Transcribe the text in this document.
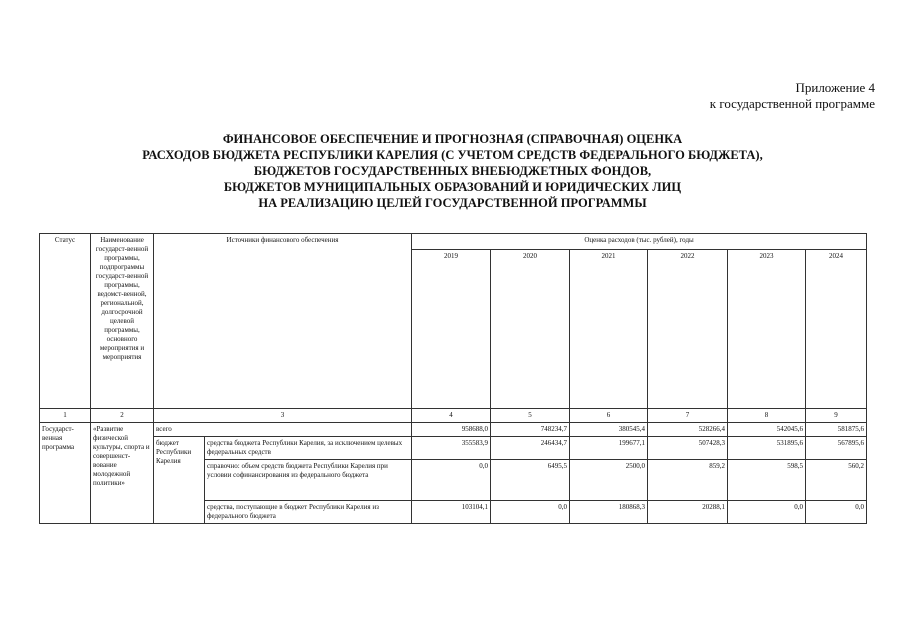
Приложение 4
к государственной программе
ФИНАНСОВОЕ ОБЕСПЕЧЕНИЕ И ПРОГНОЗНАЯ (СПРАВОЧНАЯ) ОЦЕНКА
РАСХОДОВ БЮДЖЕТА РЕСПУБЛИКИ КАРЕЛИЯ (С УЧЕТОМ СРЕДСТВ ФЕДЕРАЛЬНОГО БЮДЖЕТА),
БЮДЖЕТОВ ГОСУДАРСТВЕННЫХ ВНЕБЮДЖЕТНЫХ ФОНДОВ,
БЮДЖЕТОВ МУНИЦИПАЛЬНЫХ ОБРАЗОВАНИЙ И ЮРИДИЧЕСКИХ ЛИЦ
НА РЕАЛИЗАЦИЮ ЦЕЛЕЙ ГОСУДАРСТВЕННОЙ ПРОГРАММЫ
Статус	Наименование государст-венной программы, подпрограммы государст-венной программы, ведомст-венной, региональной, долгосрочной целевой программы, основного мероприятия и мероприятия	Источники финансового обеспечения		Оценка расходов (тыс. рублей), годы					
				2019	2020	2021	2022	2023	2024
1	2	3		4	5	6	7	8	9
Государст-венная программа	«Развитие физической культуры, спорта и совершенст-вование молодежной политики»	всего		958688,0	748234,7	380545,4	528266,4	542045,6	581875,6
		бюджет Республики Карелия	средства бюджета Республики Карелия, за исключением целевых федеральных средств	355583,9	246434,7	199677,1	507428,3	531895,6	567895,6
			справочно: объем средств бюджета Республики Карелия при условии софинансирования из федерального бюджета	0,0	6495,5	2500,0	859,2	598,5	560,2
			средства, поступающие в бюджет Республики Карелия из федерального бюджета	103104,1	0,0	180868,3	20288,1	0,0	0,0
